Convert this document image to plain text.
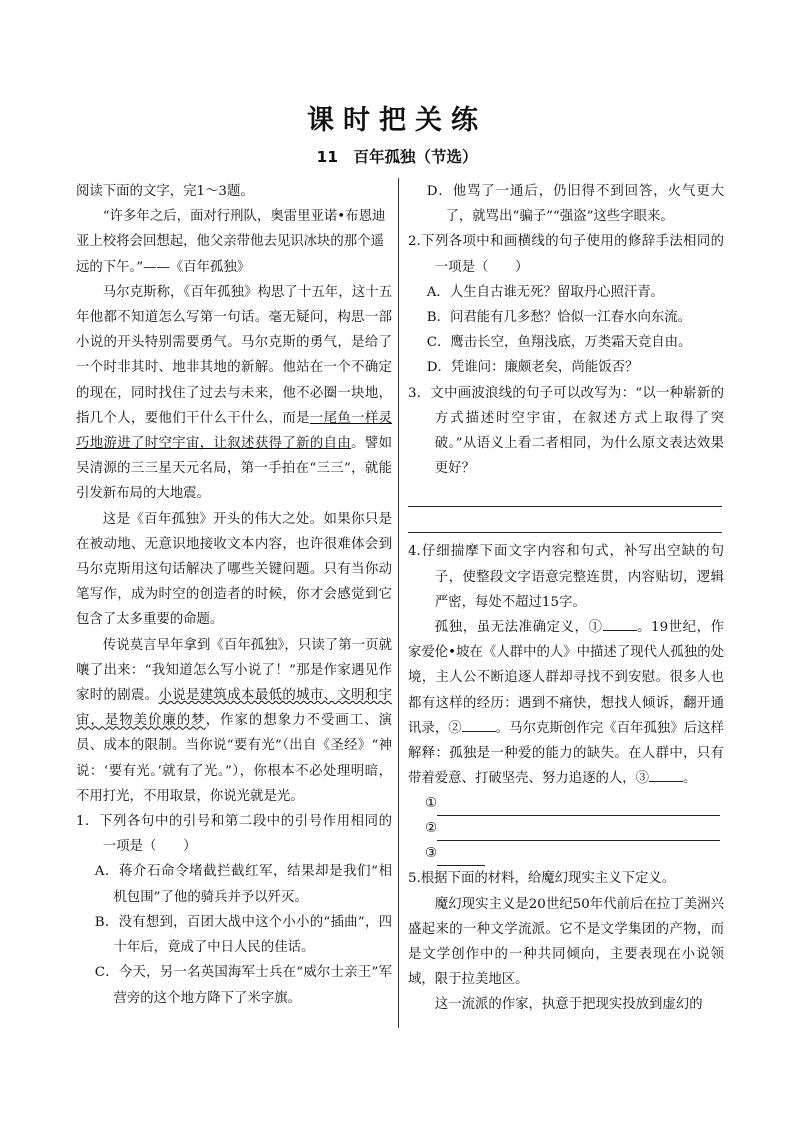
课时把关练
11　百年孤独（节选）

阅读下面的文字，完1～3题。

“许多年之后，面对行刑队，奥雷里亚诺•布恩迪亚上校将会回想起，他父亲带他去见识冰块的那个遥远的下午。”——《百年孤独》

马尔克斯称，《百年孤独》构思了十五年，这十五年他都不知道怎么写第一句话。毫无疑问，构思一部小说的开头特别需要勇气。马尔克斯的勇气，是给了一个时非其时、地非其地的新解。他站在一个不确定的现在，同时找住了过去与未来，他不必圈一块地，指几个人，要他们干什么干什么，而是一尾鱼一样灵巧地游进了时空宇宙，让叙述获得了新的自由。譬如吴清源的三三星天元名局，第一手拍在“三三”，就能引发新布局的大地震。

这是《百年孤独》开头的伟大之处。如果你只是在被动地、无意识地接收文本内容，也许很难体会到马尔克斯用这句话解决了哪些关键问题。只有当你动笔写作，成为时空的创造者的时候，你才会感觉到它包含了太多重要的命题。

传说莫言早年拿到《百年孤独》，只读了第一页就嚷了出来：“我知道怎么写小说了！”那是作家遇见作家时的剧震。小说是建筑成本最低的城市、文明和宇宙，是物美价廉的梦，作家的想象力不受画工、演员、成本的限制。当你说“要有光”（出自《圣经》“神说：‘要有光。’就有了光。”），你根本不必处理明暗，不用打光，不用取景，你说光就是光。

1．下列各句中的引号和第二段中的引号作用相同的一项是（　　）

A．蒋介石命令堵截拦截红军，结果却是我们“相机包围”了他的骑兵并予以歼灭。

B．没有想到，百团大战中这个小小的“插曲”，四十年后，竟成了中日人民的佳话。

C．今天，另一名英国海军士兵在“威尔士亲王”军营旁的这个地方降下了米字旗。

D．他骂了一通后，仍旧得不到回答，火气更大了，就骂出“骗子”“强盗”这些字眼来。

2.下列各项中和画横线的句子使用的修辞手法相同的一项是（　　）

A．人生自古谁无死？留取丹心照汗青。

B．问君能有几多愁？恰似一江春水向东流。

C．鹰击长空，鱼翔浅底，万类霜天竞自由。

D．凭谁问：廉颇老矣，尚能饭否？

3．文中画波浪线的句子可以改写为：“以一种崭新的方式描述时空宇宙，在叙述方式上取得了突破。”从语义上看二者相同，为什么原文表达效果更好？

4.仔细揣摩下面文字内容和句式，补写出空缺的句子，使整段文字语意完整连贯，内容贴切，逻辑严密，每处不超过15字。

孤独，虽无法准确定义，①	。19世纪，作家爱伦•坡在《人群中的人》中描述了现代人孤独的处境，主人公不断追逐人群却寻找不到安慰。很多人也都有这样的经历：遇到不痛快，想找人倾诉，翻开通讯录，②	。马尔克斯创作完《百年孤独》后这样解释：孤独是一种爱的能力的缺失。在人群中，只有带着爱意、打破坚壳、努力追逐的人，③	。

①
②
③

5.根据下面的材料，给魔幻现实主义下定义。

魔幻现实主义是20世纪50年代前后在拉丁美洲兴盛起来的一种文学流派。它不是文学集团的产物，而是文学创作中的一种共同倾向，主要表现在小说领域，限于拉美地区。

这一流派的作家，执意于把现实投放到虚幻的
